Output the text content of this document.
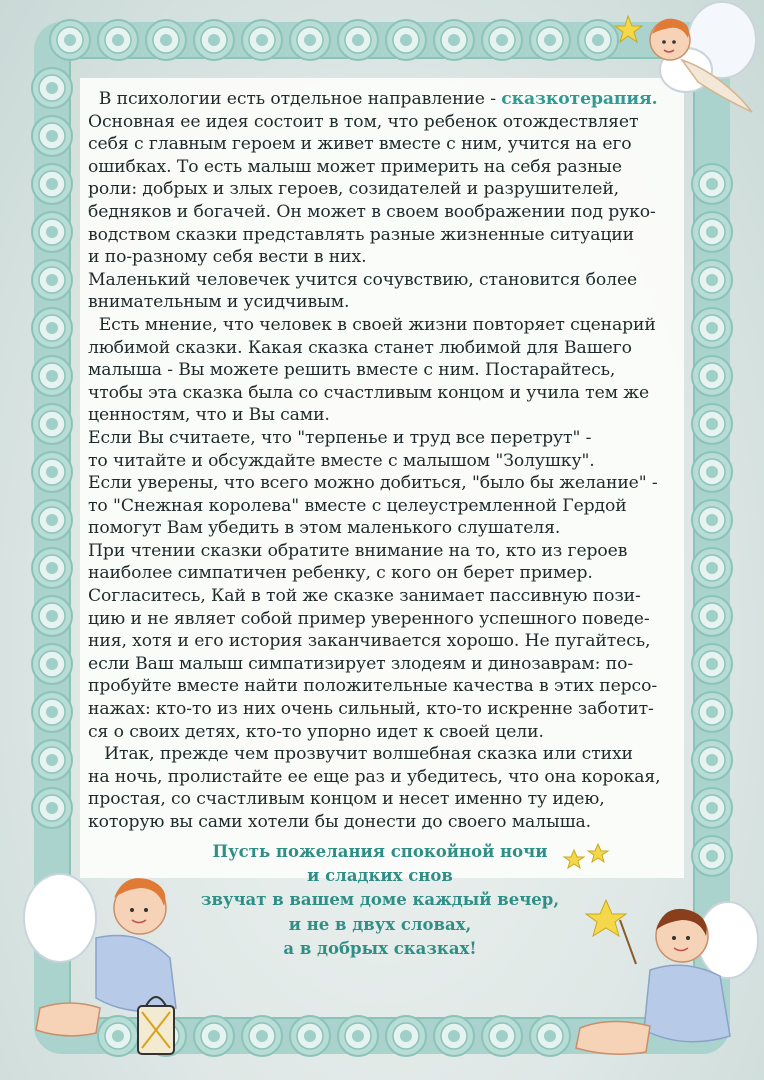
В психологии есть отдельное направление - сказкотерапия.
Основная ее идея состоит в том, что ребенок отождествляет
себя с главным героем и живет вместе с ним, учится на его
ошибках. То есть малыш может примерить на себя разные
роли: добрых и злых героев, созидателей и разрушителей,
бедняков и богачей. Он может в своем воображении под руко-
водством сказки представлять разные жизненные ситуации
и по-разному себя вести в них.
Маленький человечек учится сочувствию, становится более
внимательным и усидчивым.
Есть мнение, что человек в своей жизни повторяет сценарий
любимой сказки. Какая сказка станет любимой для Вашего
малыша - Вы можете решить вместе с ним. Постарайтесь,
чтобы эта сказка была со счастливым концом и учила тем же
ценностям, что и Вы сами.
Если Вы считаете, что "терпенье и труд все перетрут" -
то читайте и обсуждайте вместе с малышом "Золушку".
Если уверены, что всего можно добиться, "было бы желание" -
то "Снежная королева" вместе с целеустремленной Гердой
помогут Вам убедить в этом маленького слушателя.
При чтении сказки обратите внимание на то, кто из героев
наиболее симпатичен ребенку, с кого он берет пример.
Согласитесь, Кай в той же сказке занимает пассивную пози-
цию и не являет собой пример уверенного успешного поведе-
ния, хотя и его история заканчивается хорошо. Не пугайтесь,
если Ваш малыш симпатизирует злодеям и динозаврам: по-
пробуйте вместе найти положительные качества в этих персо-
нажах: кто-то из них очень сильный, кто-то искренне заботит-
ся о своих детях, кто-то упорно идет к своей цели.
Итак, прежде чем прозвучит волшебная сказка или стихи
на ночь, пролистайте ее еще раз и убедитесь, что она корокая,
простая, со счастливым концом и несет именно ту идею,
которую вы сами хотели бы донести до своего малыша.
Пусть пожелания спокойной ночи
и сладких снов
звучат в вашем доме каждый вечер,
и не в двух словах,
а в добрых сказках!
